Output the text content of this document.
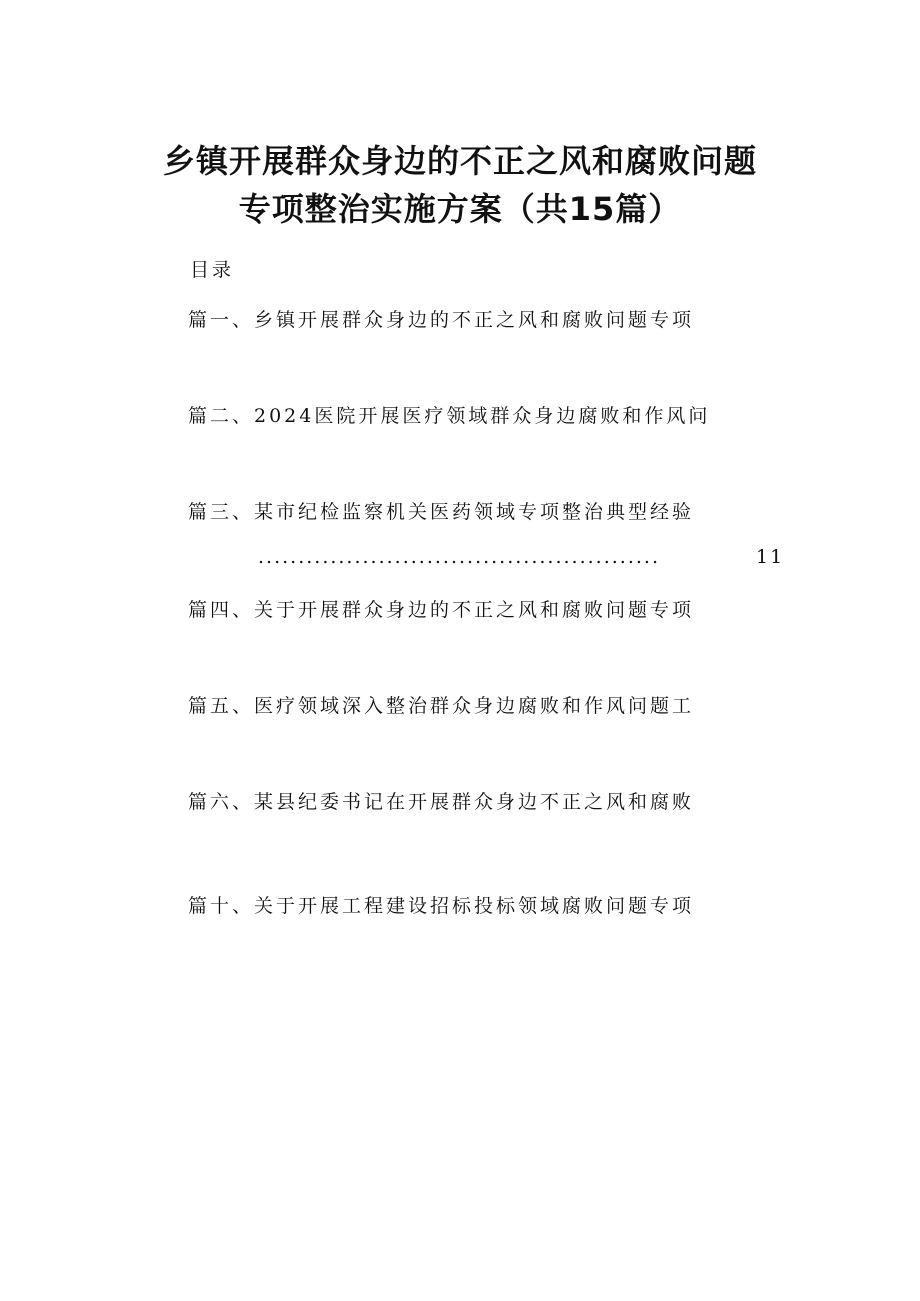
乡镇开展群众身边的不正之风和腐败问题
专项整治实施方案（共15篇）
目录
篇一、乡镇开展群众身边的不正之风和腐败问题专项
篇二、2024医院开展医疗领域群众身边腐败和作风问
篇三、某市纪检监察机关医药领域专项整治典型经验
..................................................	11
篇四、关于开展群众身边的不正之风和腐败问题专项
篇五、医疗领域深入整治群众身边腐败和作风问题工
篇六、某县纪委书记在开展群众身边不正之风和腐败
篇十、关于开展工程建设招标投标领域腐败问题专项
